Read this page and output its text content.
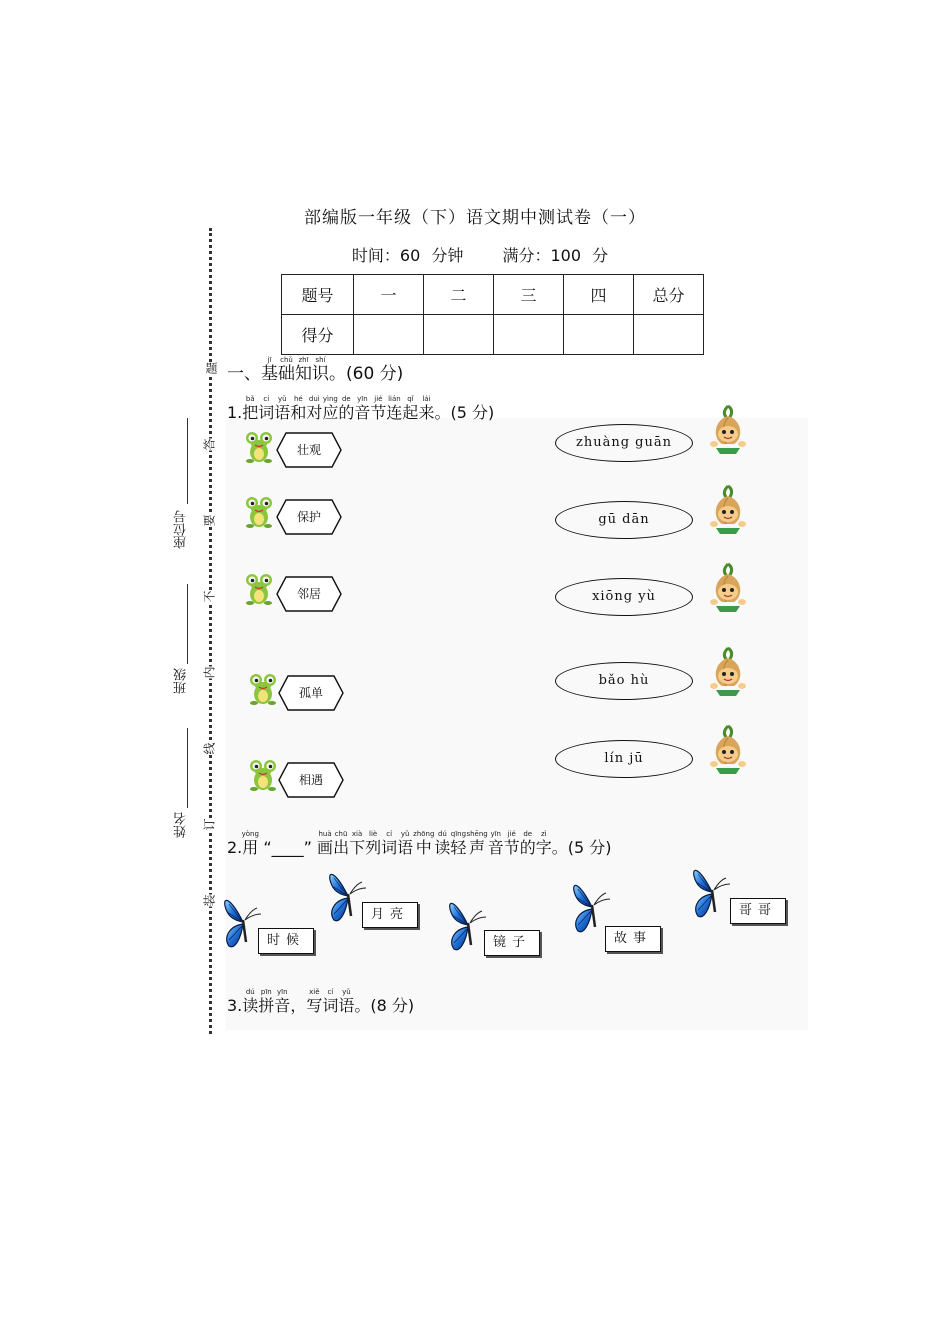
部编版一年级（下）语文期中测试卷（一）
时间：60 分钟 满分：100 分
题号	一	二	三	四	总分
得分					
题
答
要
不
内
线
订
装
座位号
班级
姓名
一、基jī础chǔ知zhī识shí。(60 分)
1.把bǎ词cí语yǔ和hé对duì应yìng的de音yīn节jié连lián起qǐ来lái。(5 分)
壮观
保护
邻居
孤单
相遇
zhuàng guān
gū dān
xiōng yù
bǎo hù
lín jū
2.用yòng “____” 画huà出chū下xià列liè词cí语yǔ中zhōng读dú轻qīng声shēng音yīn节jié的de字zì。(5 分)
时候
月亮
镜子	故事
哥哥
3.读dú拼pīn音yīn，写xiě词cí语yǔ。(8 分)
